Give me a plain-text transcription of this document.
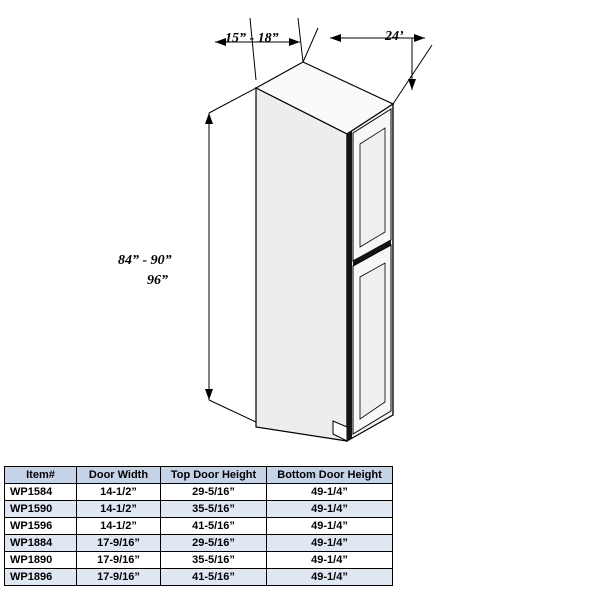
15” - 18”	24’
84” - 90”
96”
Item#	Door Width	Top Door Height	Bottom Door Height
WP1584	14-1/2”	29-5/16”	49-1/4”
WP1590	14-1/2”	35-5/16”	49-1/4”
WP1596	14-1/2”	41-5/16”	49-1/4”
WP1884	17-9/16”	29-5/16”	49-1/4”
WP1890	17-9/16”	35-5/16”	49-1/4”
WP1896	17-9/16”	41-5/16”	49-1/4”
